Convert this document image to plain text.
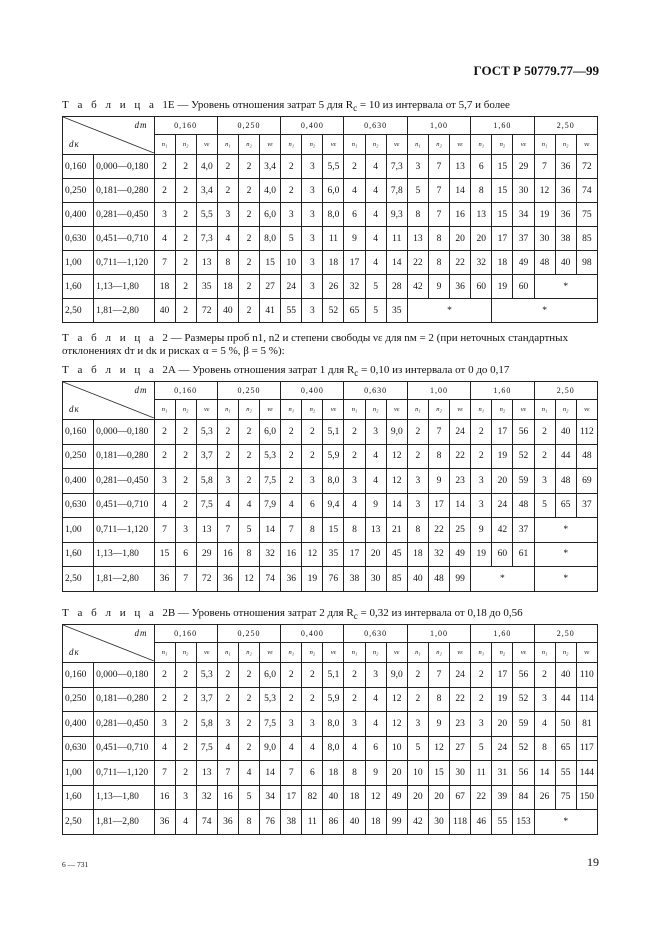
ГОСТ Р 50779.77—99
Т а б л и ц а 1Е — Уровень отношения затрат 5 для $R_c = 10$ из интервала от 5,7 и более
dт
dк		0,160			0,250			0,400			0,630			1,00			1,60			2,50		
		n₁	n₂	νε	n₁	n₂	νε	n₁	n₂	νε	n₁	n₂	νε	n₁	n₂	νε	n₁	n₂	νε	n₁	n₂	νε
0,160	0,000—0,180	2	2	4,0	2	2	3,4	2	3	5,5	2	4	7,3	3	7	13	6	15	29	7	36	72
0,250	0,181—0,280	2	2	3,4	2	2	4,0	2	3	6,0	4	4	7,8	5	7	14	8	15	30	12	36	74
0,400	0,281—0,450	3	2	5,5	3	2	6,0	3	3	8,0	6	4	9,3	8	7	16	13	15	34	19	36	75
0,630	0,451—0,710	4	2	7,3	4	2	8,0	5	3	11	9	4	11	13	8	20	20	17	37	30	38	85
1,00	0,711—1,120	7	2	13	8	2	15	10	3	18	17	4	14	22	8	22	32	18	49	48	40	98
1,60	1,13—1,80	18	2	35	18	2	27	24	3	26	32	5	28	42	9	36	60	19	60	*		
2,50	1,81—2,80	40	2	72	40	2	41	55	3	52	65	5	35	*				*				
Т а б л и ц а 2 — Размеры проб n1, n2 и степени свободы νε для nм = 2 (при неточных стандартных отклонениях dт и dк и рисках α = 5 %, β = 5 %):
Т а б л и ц а 2А — Уровень отношения затрат 1 для $R_c = 0,10$ из интервала от 0 до 0,17
dт
dк		0,160			0,250			0,400			0,630			1,00			1,60			2,50		
		n₁	n₂	νε	n₁	n₂	νε	n₁	n₂	νε	n₁	n₂	νε	n₁	n₂	νε	n₁	n₂	νε	n₁	n₂	νε
0,160	0,000—0,180	2	2	5,3	2	2	6,0	2	2	5,1	2	3	9,0	2	7	24	2	17	56	2	40	112
0,250	0,181—0,280	2	2	3,7	2	2	5,3	2	2	5,9	2	4	12	2	8	22	2	19	52	2	44	48
0,400	0,281—0,450	3	2	5,8	3	2	7,5	2	3	8,0	3	4	12	3	9	23	3	20	59	3	48	69
0,630	0,451—0,710	4	2	7,5	4	4	7,9	4	6	9,4	4	9	14	3	17	14	3	24	48	5	65	37
1,00	0,711—1,120	7	3	13	7	5	14	7	8	15	8	13	21	8	22	25	9	42	37	*		
1,60	1,13—1,80	15	6	29	16	8	32	16	12	35	17	20	45	18	32	49	19	60	61	*		
2,50	1,81—2,80	36	7	72	36	12	74	36	19	76	38	30	85	40	48	99	*			*		
Т а б л и ц а 2В — Уровень отношения затрат 2 для $R_c = 0,32$ из интервала от 0,18 до 0,56
dт
dк		0,160			0,250			0,400			0,630			1,00			1,60			2,50		
		n₁	n₂	νε	n₁	n₂	νε	n₁	n₂	νε	n₁	n₂	νε	n₁	n₂	νε	n₁	n₂	νε	n₁	n₂	νε
0,160	0,000—0,180	2	2	5,3	2	2	6,0	2	2	5,1	2	3	9,0	2	7	24	2	17	56	2	40	110
0,250	0,181—0,280	2	2	3,7	2	2	5,3	2	2	5,9	2	4	12	2	8	22	2	19	52	3	44	114
0,400	0,281—0,450	3	2	5,8	3	2	7,5	3	3	8,0	3	4	12	3	9	23	3	20	59	4	50	81
0,630	0,451—0,710	4	2	7,5	4	2	9,0	4	4	8,0	4	6	10	5	12	27	5	24	52	8	65	117
1,00	0,711—1,120	7	2	13	7	4	14	7	6	18	8	9	20	10	15	30	11	31	56	14	55	144
1,60	1,13—1,80	16	3	32	16	5	34	17	82	40	18	12	49	20	20	67	22	39	84	26	75	150
2,50	1,81—2,80	36	4	74	36	8	76	38	11	86	40	18	99	42	30	118	46	55	153	*		
6 — 731	19
